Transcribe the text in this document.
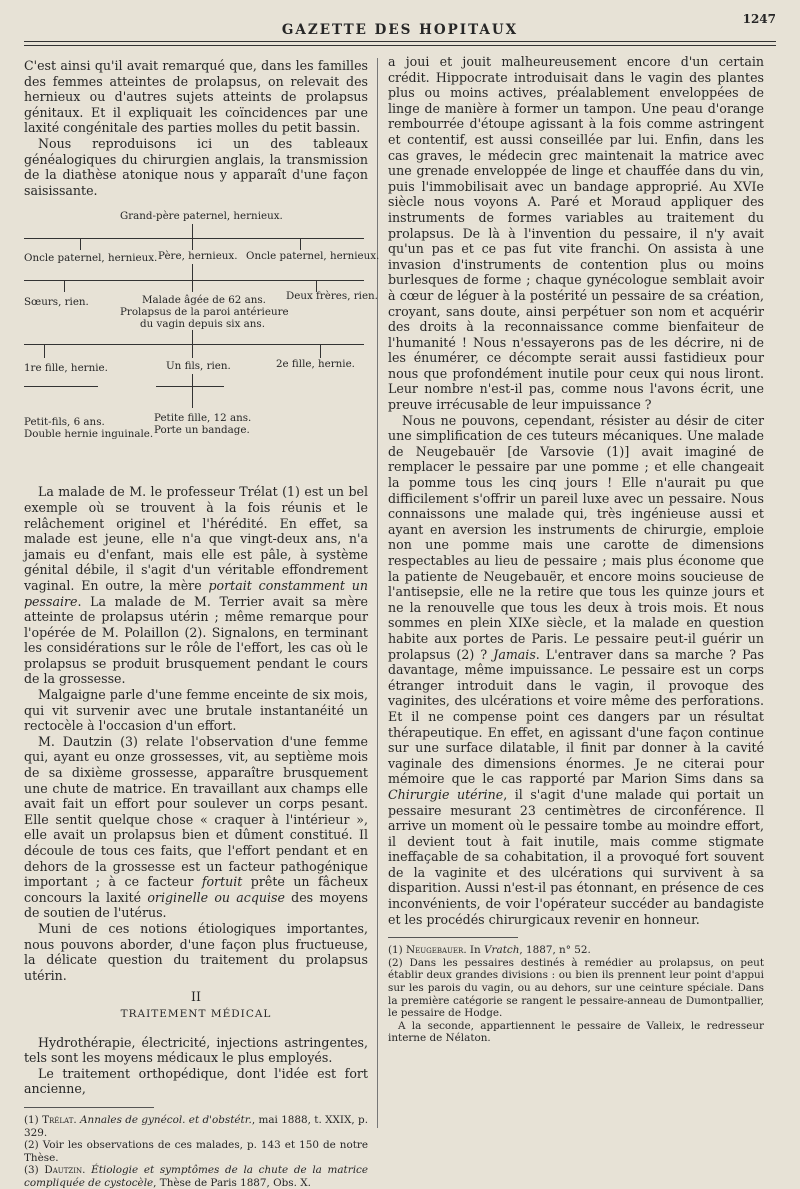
GAZETTE DES HOPITAUX
1247

C'est ainsi qu'il avait remarqué que, dans les familles des femmes atteintes de prolapsus, on relevait des hernieux ou d'autres sujets atteints de prolapsus génitaux. Et il expliquait les coïncidences par une laxité congénitale des parties molles du petit bassin.

Nous reproduisons ici un des tableaux généalogiques du chirurgien anglais, la transmission de la diathèse atonique nous y apparaît d'une façon saisissante.

Grand-père paternel, hernieux.
Oncle paternel, hernieux. Père, hernieux. Oncle paternel, hernieux.
Sœurs, rien.	Malade âgée de 62 ans.
Prolapsus de la paroi antérieure
du vagin depuis six ans.
Deux frères, rien.
1re fille, hernie.	Un fils, rien.	2e fille, hernie.
Petit-fils, 6 ans.
Double hernie inguinale.
Petite fille, 12 ans.
Porte un bandage.

La malade de M. le professeur Trélat (1) est un bel exemple où se trouvent à la fois réunis et le relâchement originel et l'hérédité. En effet, sa malade est jeune, elle n'a que vingt-deux ans, n'a jamais eu d'enfant, mais elle est pâle, à système génital débile, il s'agit d'un véritable effondrement vaginal. En outre, la mère portait constamment un pessaire. La malade de M. Terrier avait sa mère atteinte de prolapsus utérin ; même remarque pour l'opérée de M. Polaillon (2). Signalons, en terminant les considérations sur le rôle de l'effort, les cas où le prolapsus se produit brusquement pendant le cours de la grossesse.

Malgaigne parle d'une femme enceinte de six mois, qui vit survenir avec une brutale instantanéité un rectocèle à l'occasion d'un effort.

M. Dautzin (3) relate l'observation d'une femme qui, ayant eu onze grossesses, vit, au septième mois de sa dixième grossesse, apparaître brusquement une chute de matrice. En travaillant aux champs elle avait fait un effort pour soulever un corps pesant. Elle sentit quelque chose « craquer à l'intérieur », elle avait un prolapsus bien et dûment constitué. Il découle de tous ces faits, que l'effort pendant et en dehors de la grossesse est un facteur pathogénique important ; à ce facteur fortuit prête un fâcheux concours la laxité originelle ou acquise des moyens de soutien de l'utérus.

Muni de ces notions étiologiques importantes, nous pouvons aborder, d'une façon plus fructueuse, la délicate question du traitement du prolapsus utérin.

II
TRAITEMENT MÉDICAL

Hydrothérapie, électricité, injections astringentes, tels sont les moyens médicaux le plus employés.

Le traitement orthopédique, dont l'idée est fort ancienne,

(1) Trélat. Annales de gynécol. et d'obstétr., mai 1888, t. XXIX, p. 329.
(2) Voir les observations de ces malades, p. 143 et 150 de notre Thèse.
(3) Dautzin. Étiologie et symptômes de la chute de la matrice compliquée de cystocèle, Thèse de Paris 1887, Obs. X.

a joui et jouit malheureusement encore d'un certain crédit. Hippocrate introduisait dans le vagin des plantes plus ou moins actives, préalablement enveloppées de linge de manière à former un tampon. Une peau d'orange rembourrée d'étoupe agissant à la fois comme astringent et contentif, est aussi conseillée par lui. Enfin, dans les cas graves, le médecin grec maintenait la matrice avec une grenade enveloppée de linge et chauffée dans du vin, puis l'immobilisait avec un bandage approprié. Au XVIe siècle nous voyons A. Paré et Moraud appliquer des instruments de formes variables au traitement du prolapsus. De là à l'invention du pessaire, il n'y avait qu'un pas et ce pas fut vite franchi. On assista à une invasion d'instruments de contention plus ou moins burlesques de forme ; chaque gynécologue semblait avoir à cœur de léguer à la postérité un pessaire de sa création, croyant, sans doute, ainsi perpétuer son nom et acquérir des droits à la reconnaissance comme bienfaiteur de l'humanité ! Nous n'essayerons pas de les décrire, ni de les énumérer, ce décompte serait aussi fastidieux pour nous que profondément inutile pour ceux qui nous liront. Leur nombre n'est-il pas, comme nous l'avons écrit, une preuve irrécusable de leur impuissance ?

Nous ne pouvons, cependant, résister au désir de citer une simplification de ces tuteurs mécaniques. Une malade de Neugebauër [de Varsovie (1)] avait imaginé de remplacer le pessaire par une pomme ; et elle changeait la pomme tous les cinq jours ! Elle n'aurait pu que difficilement s'offrir un pareil luxe avec un pessaire. Nous connaissons une malade qui, très ingénieuse aussi et ayant en aversion les instruments de chirurgie, emploie non une pomme mais une carotte de dimensions respectables au lieu de pessaire ; mais plus économe que la patiente de Neugebauër, et encore moins soucieuse de l'antisepsie, elle ne la retire que tous les quinze jours et ne la renouvelle que tous les deux à trois mois. Et nous sommes en plein XIXe siècle, et la malade en question habite aux portes de Paris. Le pessaire peut-il guérir un prolapsus (2) ? Jamais. L'entraver dans sa marche ? Pas davantage, même impuissance. Le pessaire est un corps étranger introduit dans le vagin, il provoque des vaginites, des ulcérations et voire même des perforations. Et il ne compense point ces dangers par un résultat thérapeutique. En effet, en agissant d'une façon continue sur une surface dilatable, il finit par donner à la cavité vaginale des dimensions énormes. Je ne citerai pour mémoire que le cas rapporté par Marion Sims dans sa Chirurgie utérine, il s'agit d'une malade qui portait un pessaire mesurant 23 centimètres de circonférence. Il arrive un moment où le pessaire tombe au moindre effort, il devient tout à fait inutile, mais comme stigmate ineffaçable de sa cohabitation, il a provoqué fort souvent de la vaginite et des ulcérations qui survivent à sa disparition. Aussi n'est-il pas étonnant, en présence de ces inconvénients, de voir l'opérateur succéder au bandagiste et les procédés chirurgicaux revenir en honneur.

(1) Neugebauer. In Vratch, 1887, n° 52.
(2) Dans les pessaires destinés à remédier au prolapsus, on peut établir deux grandes divisions : ou bien ils prennent leur point d'appui sur les parois du vagin, ou au dehors, sur une ceinture spéciale. Dans la première catégorie se rangent le pessaire-anneau de Dumontpallier, le pessaire de Hodge.
A la seconde, appartiennent le pessaire de Valleix, le redresseur interne de Nélaton.
